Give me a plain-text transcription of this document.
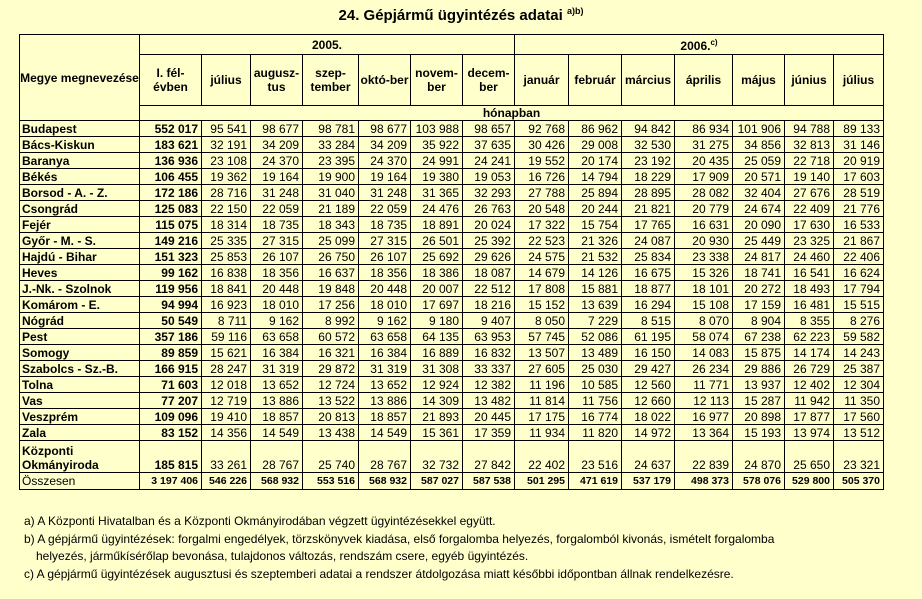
24. Gépjármű ügyintézés adatai $^{a)b)}$
Megye megnevezése	2005.							2006.$^{c)}$
	I. fél-évben	július	augusz-tus	szep-tember	októ-ber	novem-ber	decem-ber	január	február	március	április	május	június	július
	hónapban													
Budapest	552 017	95 541	98 677	98 781	98 677	103 988	98 657	92 768	86 962	94 842	86 934	101 906	94 788	89 133
Bács-Kiskun	183 621	32 191	34 209	33 284	34 209	35 922	37 635	30 426	29 008	32 530	31 275	34 856	32 813	31 146
Baranya	136 936	23 108	24 370	23 395	24 370	24 991	24 241	19 552	20 174	23 192	20 435	25 059	22 718	20 919
Békés	106 455	19 362	19 164	19 900	19 164	19 380	19 053	16 726	14 794	18 229	17 909	20 571	19 140	17 603
Borsod - A. - Z.	172 186	28 716	31 248	31 040	31 248	31 365	32 293	27 788	25 894	28 895	28 082	32 404	27 676	28 519
Csongrád	125 083	22 150	22 059	21 189	22 059	24 476	26 763	20 548	20 244	21 821	20 779	24 674	22 409	21 776
Fejér	115 075	18 314	18 735	18 343	18 735	18 891	20 024	17 322	15 754	17 765	16 631	20 090	17 630	16 533
Győr - M. - S.	149 216	25 335	27 315	25 099	27 315	26 501	25 392	22 523	21 326	24 087	20 930	25 449	23 325	21 867
Hajdú - Bihar	151 323	25 853	26 107	26 750	26 107	25 692	29 626	24 575	21 532	25 834	23 338	24 817	24 460	22 406
Heves	99 162	16 838	18 356	16 637	18 356	18 386	18 087	14 679	14 126	16 675	15 326	18 741	16 541	16 624
J.-Nk. - Szolnok	119 956	18 841	20 448	19 848	20 448	20 007	22 512	17 808	15 881	18 877	18 101	20 272	18 493	17 794
Komárom - E.	94 994	16 923	18 010	17 256	18 010	17 697	18 216	15 152	13 639	16 294	15 108	17 159	16 481	15 515
Nógrád	50 549	8 711	9 162	8 992	9 162	9 180	9 407	8 050	7 229	8 515	8 070	8 904	8 355	8 276
Pest	357 186	59 116	63 658	60 572	63 658	64 135	63 953	57 745	52 086	61 195	58 074	67 238	62 223	59 582
Somogy	89 859	15 621	16 384	16 321	16 384	16 889	16 832	13 507	13 489	16 150	14 083	15 875	14 174	14 243
Szabolcs - Sz.-B.	166 915	28 247	31 319	29 872	31 319	31 308	33 337	27 605	25 030	29 427	26 234	29 886	26 729	25 387
Tolna	71 603	12 018	13 652	12 724	13 652	12 924	12 382	11 196	10 585	12 560	11 771	13 937	12 402	12 304
Vas	77 207	12 719	13 886	13 522	13 886	14 309	13 482	11 814	11 756	12 660	12 113	15 287	11 942	11 350
Veszprém	109 096	19 410	18 857	20 813	18 857	21 893	20 445	17 175	16 774	18 022	16 977	20 898	17 877	17 560
Zala	83 152	14 356	14 549	13 438	14 549	15 361	17 359	11 934	11 820	14 972	13 364	15 193	13 974	13 512
Központi Okmányiroda	185 815	33 261	28 767	25 740	28 767	32 732	27 842	22 402	23 516	24 637	22 839	24 870	25 650	23 321
Összesen	3 197 406	546 226	568 932	553 516	568 932	587 027	587 538	501 295	471 619	537 179	498 373	578 076	529 800	505 370
a) A Központi Hivatalban és a Központi Okmányirodában végzett ügyintézésekkel együtt.
b) A gépjármű ügyintézések: forgalmi engedélyek, törzskönyvek kiadása, első forgalomba helyezés, forgalomból kivonás, ismételt forgalomba
helyezés, járműkísérőlap bevonása, tulajdonos változás, rendszám csere, egyéb ügyintézés.
c) A gépjármű ügyintézések augusztusi és szeptemberi adatai a rendszer átdolgozása miatt későbbi időpontban állnak rendelkezésre.
